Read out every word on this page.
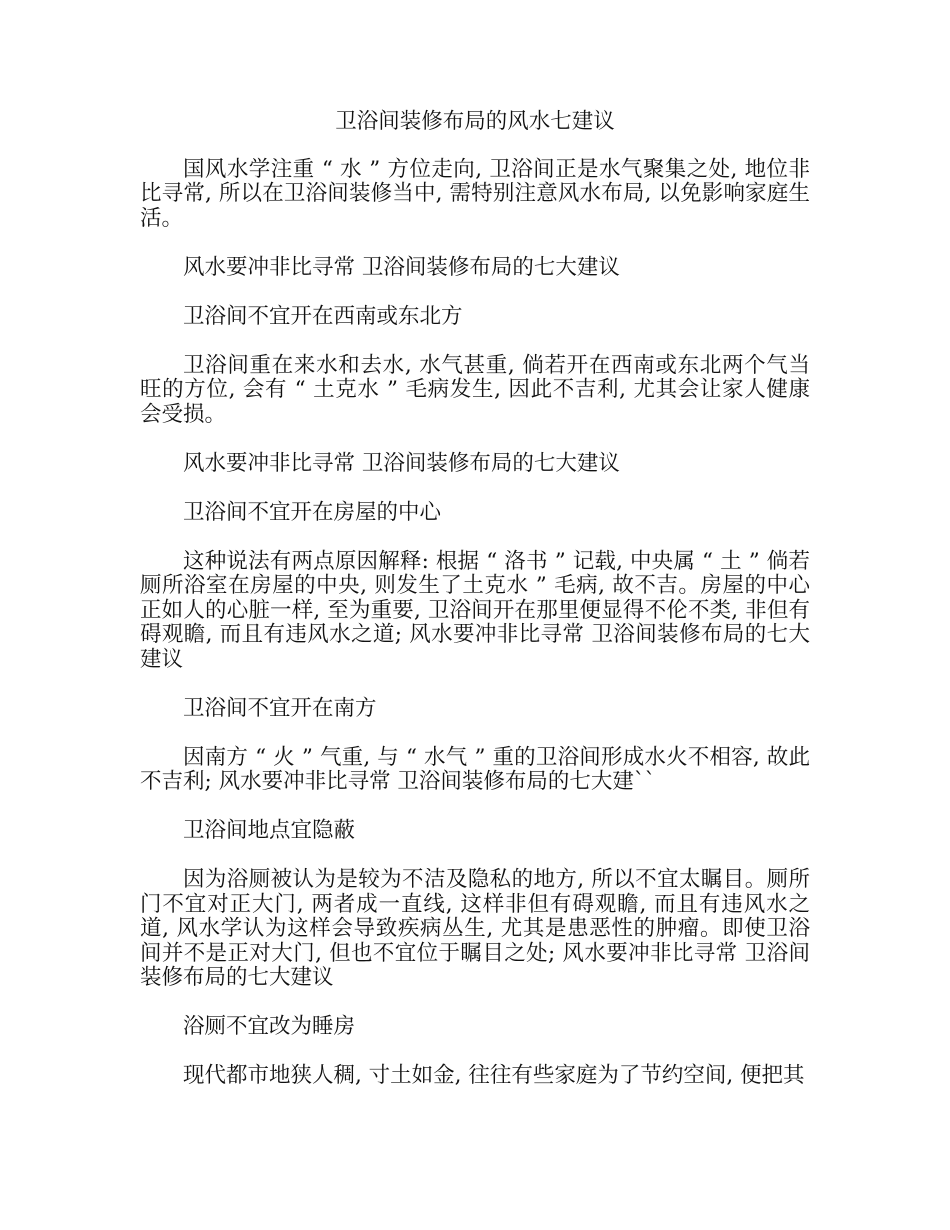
卫浴间装修布局的风水七建议

国风水学注重 “ 水 ” 方位走向, 卫浴间正是水气聚集之处, 地位非比寻常, 所以在卫浴间装修当中, 需特别注意风水布局, 以免影响家庭生活。

风水要冲非比寻常 卫浴间装修布局的七大建议

卫浴间不宜开在西南或东北方

卫浴间重在来水和去水, 水气甚重, 倘若开在西南或东北两个气当旺的方位, 会有 “ 土克水 ” 毛病发生, 因此不吉利, 尤其会让家人健康会受损。

风水要冲非比寻常 卫浴间装修布局的七大建议

卫浴间不宜开在房屋的中心

这种说法有两点原因解释: 根据 “ 洛书 ” 记载, 中央属 “ 土 ” 倘若厕所浴室在房屋的中央, 则发生了土克水 ” 毛病, 故不吉。房屋的中心正如人的心脏一样, 至为重要, 卫浴间开在那里便显得不伦不类, 非但有碍观瞻, 而且有违风水之道; 风水要冲非比寻常 卫浴间装修布局的七大建议

卫浴间不宜开在南方

因南方 “ 火 ” 气重, 与 “ 水气 ” 重的卫浴间形成水火不相容, 故此不吉利; 风水要冲非比寻常 卫浴间装修布局的七大建``

卫浴间地点宜隐蔽

因为浴厕被认为是较为不洁及隐私的地方, 所以不宜太瞩目。厕所门不宜对正大门, 两者成一直线, 这样非但有碍观瞻, 而且有违风水之道, 风水学认为这样会导致疾病丛生, 尤其是患恶性的肿瘤。即使卫浴间并不是正对大门, 但也不宜位于瞩目之处; 风水要冲非比寻常 卫浴间装修布局的七大建议

浴厕不宜改为睡房

现代都市地狭人稠, 寸土如金, 往往有些家庭为了节约空间, 便把其
